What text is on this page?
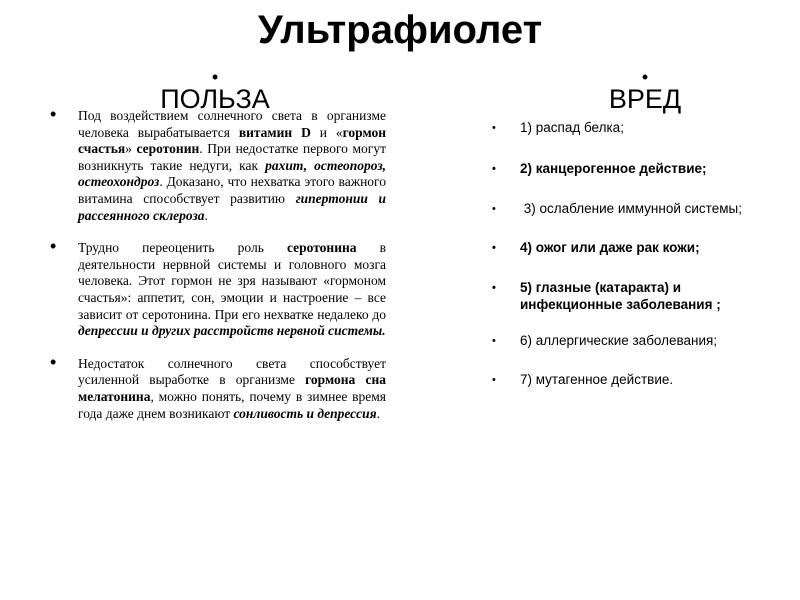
Ультрафиолет
•
ПОЛЬЗА
•
ВРЕД

• Под воздействием солнечного света в организме человека вырабатывается витамин D и «гормон счастья» серотонин. При недостатке первого могут возникнуть такие недуги, как рахит, остеопороз, остеохондроз. Доказано, что нехватка этого важного витамина способствует развитию гипертонии и рассеянного склероза.

• Трудно переоценить роль серотонина в деятельности нервной системы и головного мозга человека. Этот гормон не зря называют «гормоном счастья»: аппетит, сон, эмоции и настроение – все зависит от серотонина. При его нехватке недалеко до депрессии и других расстройств нервной системы.

• Недостаток солнечного света способствует усиленной выработке в организме гормона сна мелатонина, можно понять, почему в зимнее время года даже днем возникают сонливость и депрессия.

• 1) распад белка;
• 2) канцерогенное действие;
• 3) ослабление иммунной системы;
• 4) ожог или даже рак кожи;
• 5) глазные (катаракта) и инфекционные заболевания ;
• 6) аллергические заболевания;
• 7) мутагенное действие.
